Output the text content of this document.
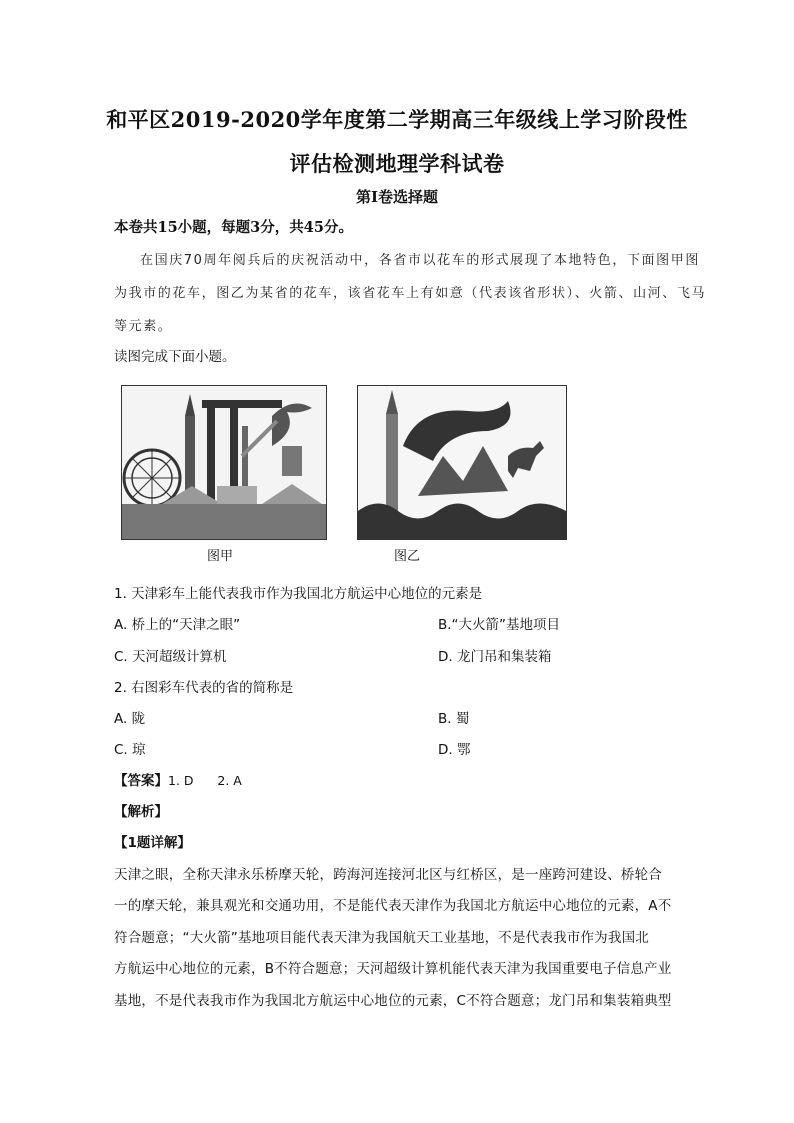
和平区2019-2020学年度第二学期高三年级线上学习阶段性
评估检测地理学科试卷
第I卷选择题
本卷共15小题，每题3分，共45分。
在国庆70周年阅兵后的庆祝活动中，各省市以花车的形式展现了本地特色，下面图甲图
为我市的花车，图乙为某省的花车，该省花车上有如意（代表该省形状）、火箭、山河、飞马
等元素。
读图完成下面小题。
图甲	图乙
1. 天津彩车上能代表我市作为我国北方航运中心地位的元素是
A. 桥上的“天津之眼”	B.“大火箭”基地项目
C. 天河超级计算机	D. 龙门吊和集装箱
2. 右图彩车代表的省的简称是
A. 陇	B. 蜀
C. 琼	D. 鄂
【答案】1. D      2. A
【解析】
【1题详解】
天津之眼，全称天津永乐桥摩天轮，跨海河连接河北区与红桥区，是一座跨河建设、桥轮合
一的摩天轮，兼具观光和交通功用，不是能代表天津作为我国北方航运中心地位的元素，A不
符合题意；“大火箭”基地项目能代表天津为我国航天工业基地，不是代表我市作为我国北
方航运中心地位的元素，B不符合题意；天河超级计算机能代表天津为我国重要电子信息产业
基地，不是代表我市作为我国北方航运中心地位的元素，C不符合题意；龙门吊和集装箱典型
